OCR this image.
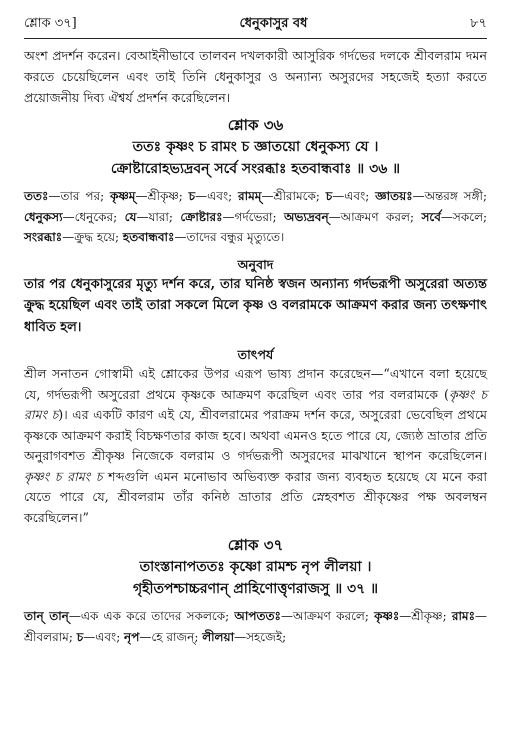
শ্লোক ৩৭]	ধেনুকাসুর বধ	৮৭

অংশ প্রদর্শন করেন। বেআইনীভাবে তালবন দখলকারী আসুরিক গর্দভের দলকে শ্রীবলরাম দমন করতে চেয়েছিলেন এবং তাই তিনি ধেনুকাসুর ও অন্যান্য অসুরদের সহজেই হত্যা করতে প্রয়োজনীয় দিব্য ঐশ্বর্য প্রদর্শন করেছিলেন।

শ্লোক ৩৬
ততঃ কৃষ্ণং চ রামং চ জ্ঞাতয়ো ধেনুকস্য যে ।
ক্রোষ্টারোহভ্যদ্রবন্ সর্বে সংরব্ধাঃ হতবান্ধবাঃ ॥ ৩৬ ॥
ততঃ—তার পর; কৃষ্ণম্—শ্রীকৃষ্ণ; চ—এবং; রামম্—শ্রীরামকে; চ—এবং; জ্ঞাতয়ঃ—অন্তরঙ্গ সঙ্গী; ধেনুকস্য—ধেনুকের; যে—যারা; ক্রোষ্টারঃ—গর্দভেরা; অভ্যদ্রবন্—আক্রমণ করল; সর্বে—সকলে; সংরব্ধাঃ—ক্রুদ্ধ হয়ে; হতবান্ধবাঃ—তাদের বন্ধুর মৃত্যুতে।
অনুবাদ
তার পর ধেনুকাসুরের মৃত্যু দর্শন করে, তার ঘনিষ্ঠ স্বজন অন্যান্য গর্দভরূপী অসুরেরা অত্যন্ত ক্রুদ্ধ হয়েছিল এবং তাই তারা সকলে মিলে কৃষ্ণ ও বলরামকে আক্রমণ করার জন্য তৎক্ষণাৎ ধাবিত হল।
তাৎপর্য
শ্রীল সনাতন গোস্বামী এই শ্লোকের উপর এরূপ ভাষ্য প্রদান করেছেন—“এখানে বলা হয়েছে যে, গর্দভরূপী অসুরেরা প্রথমে কৃষ্ণকে আক্রমণ করেছিল এবং তার পর বলরামকে (কৃষ্ণং চ রামং চ)। এর একটি কারণ এই যে, শ্রীবলরামের পরাক্রম দর্শন করে, অসুরেরা ভেবেছিল প্রথমে কৃষ্ণকে আক্রমণ করাই বিচক্ষণতার কাজ হবে। অথবা এমনও হতে পারে যে, জ্যেষ্ঠ ভ্রাতার প্রতি অনুরাগবশত শ্রীকৃষ্ণ নিজেকে বলরাম ও গর্দভরূপী অসুরদের মাঝখানে স্থাপন করেছিলেন। কৃষ্ণং চ রামং চ শব্দগুলি এমন মনোভাব অভিব্যক্ত করার জন্য ব্যবহৃত হয়েছে যে মনে করা যেতে পারে যে, শ্রীবলরাম তাঁর কনিষ্ঠ ভ্রাতার প্রতি স্নেহবশত শ্রীকৃষ্ণের পক্ষ অবলম্বন করেছিলেন।”
শ্লোক ৩৭
তাংস্তানাপততঃ কৃষ্ণো রামশ্চ নৃপ লীলয়া ।
গৃহীতপশ্চাচ্চরণান্ প্রাহিণোত্তৃণরাজসু ॥ ৩৭ ॥
তান্ তান্—এক এক করে তাদের সকলকে; আপততঃ—আক্রমণ করলে; কৃষ্ণঃ—শ্রীকৃষ্ণ; রামঃ—শ্রীবলরাম; চ—এবং; নৃপ—হে রাজন্; লীলয়া—সহজেই;
